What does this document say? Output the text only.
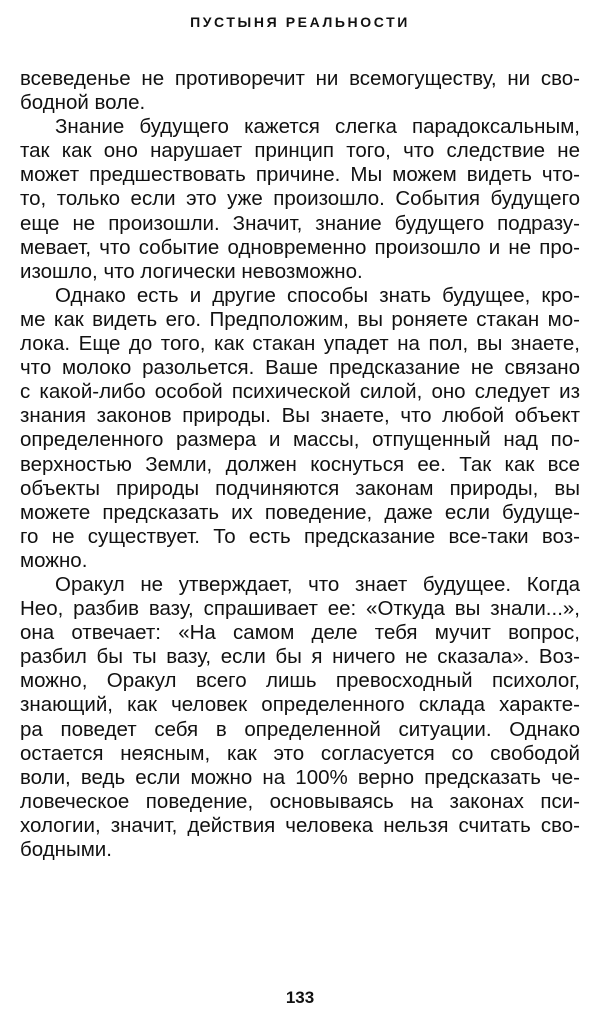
ПУСТЫНЯ РЕАЛЬНОСТИ
всеведенье не противоречит ни всемогуществу, ни сво-
бодной воле.
Знание будущего кажется слегка парадоксальным,
так как оно нарушает принцип того, что следствие не
может предшествовать причине. Мы можем видеть что-
то, только если это уже произошло. События будущего
еще не произошли. Значит, знание будущего подразу-
мевает, что событие одновременно произошло и не про-
изошло, что логически невозможно.
Однако есть и другие способы знать будущее, кро-
ме как видеть его. Предположим, вы роняете стакан мо-
лока. Еще до того, как стакан упадет на пол, вы знаете,
что молоко разольется. Ваше предсказание не связано
с какой-либо особой психической силой, оно следует из
знания законов природы. Вы знаете, что любой объект
определенного размера и массы, отпущенный над по-
верхностью Земли, должен коснуться ее. Так как все
объекты природы подчиняются законам природы, вы
можете предсказать их поведение, даже если будуще-
го не существует. То есть предсказание все-таки воз-
можно.
Оракул не утверждает, что знает будущее. Когда
Нео, разбив вазу, спрашивает ее: «Откуда вы знали...»,
она отвечает: «На самом деле тебя мучит вопрос,
разбил бы ты вазу, если бы я ничего не сказала». Воз-
можно, Оракул всего лишь превосходный психолог,
знающий, как человек определенного склада характе-
ра поведет себя в определенной ситуации. Однако
остается неясным, как это согласуется со свободой
воли, ведь если можно на 100% верно предсказать че-
ловеческое поведение, основываясь на законах пси-
хологии, значит, действия человека нельзя считать сво-
бодными.
133
